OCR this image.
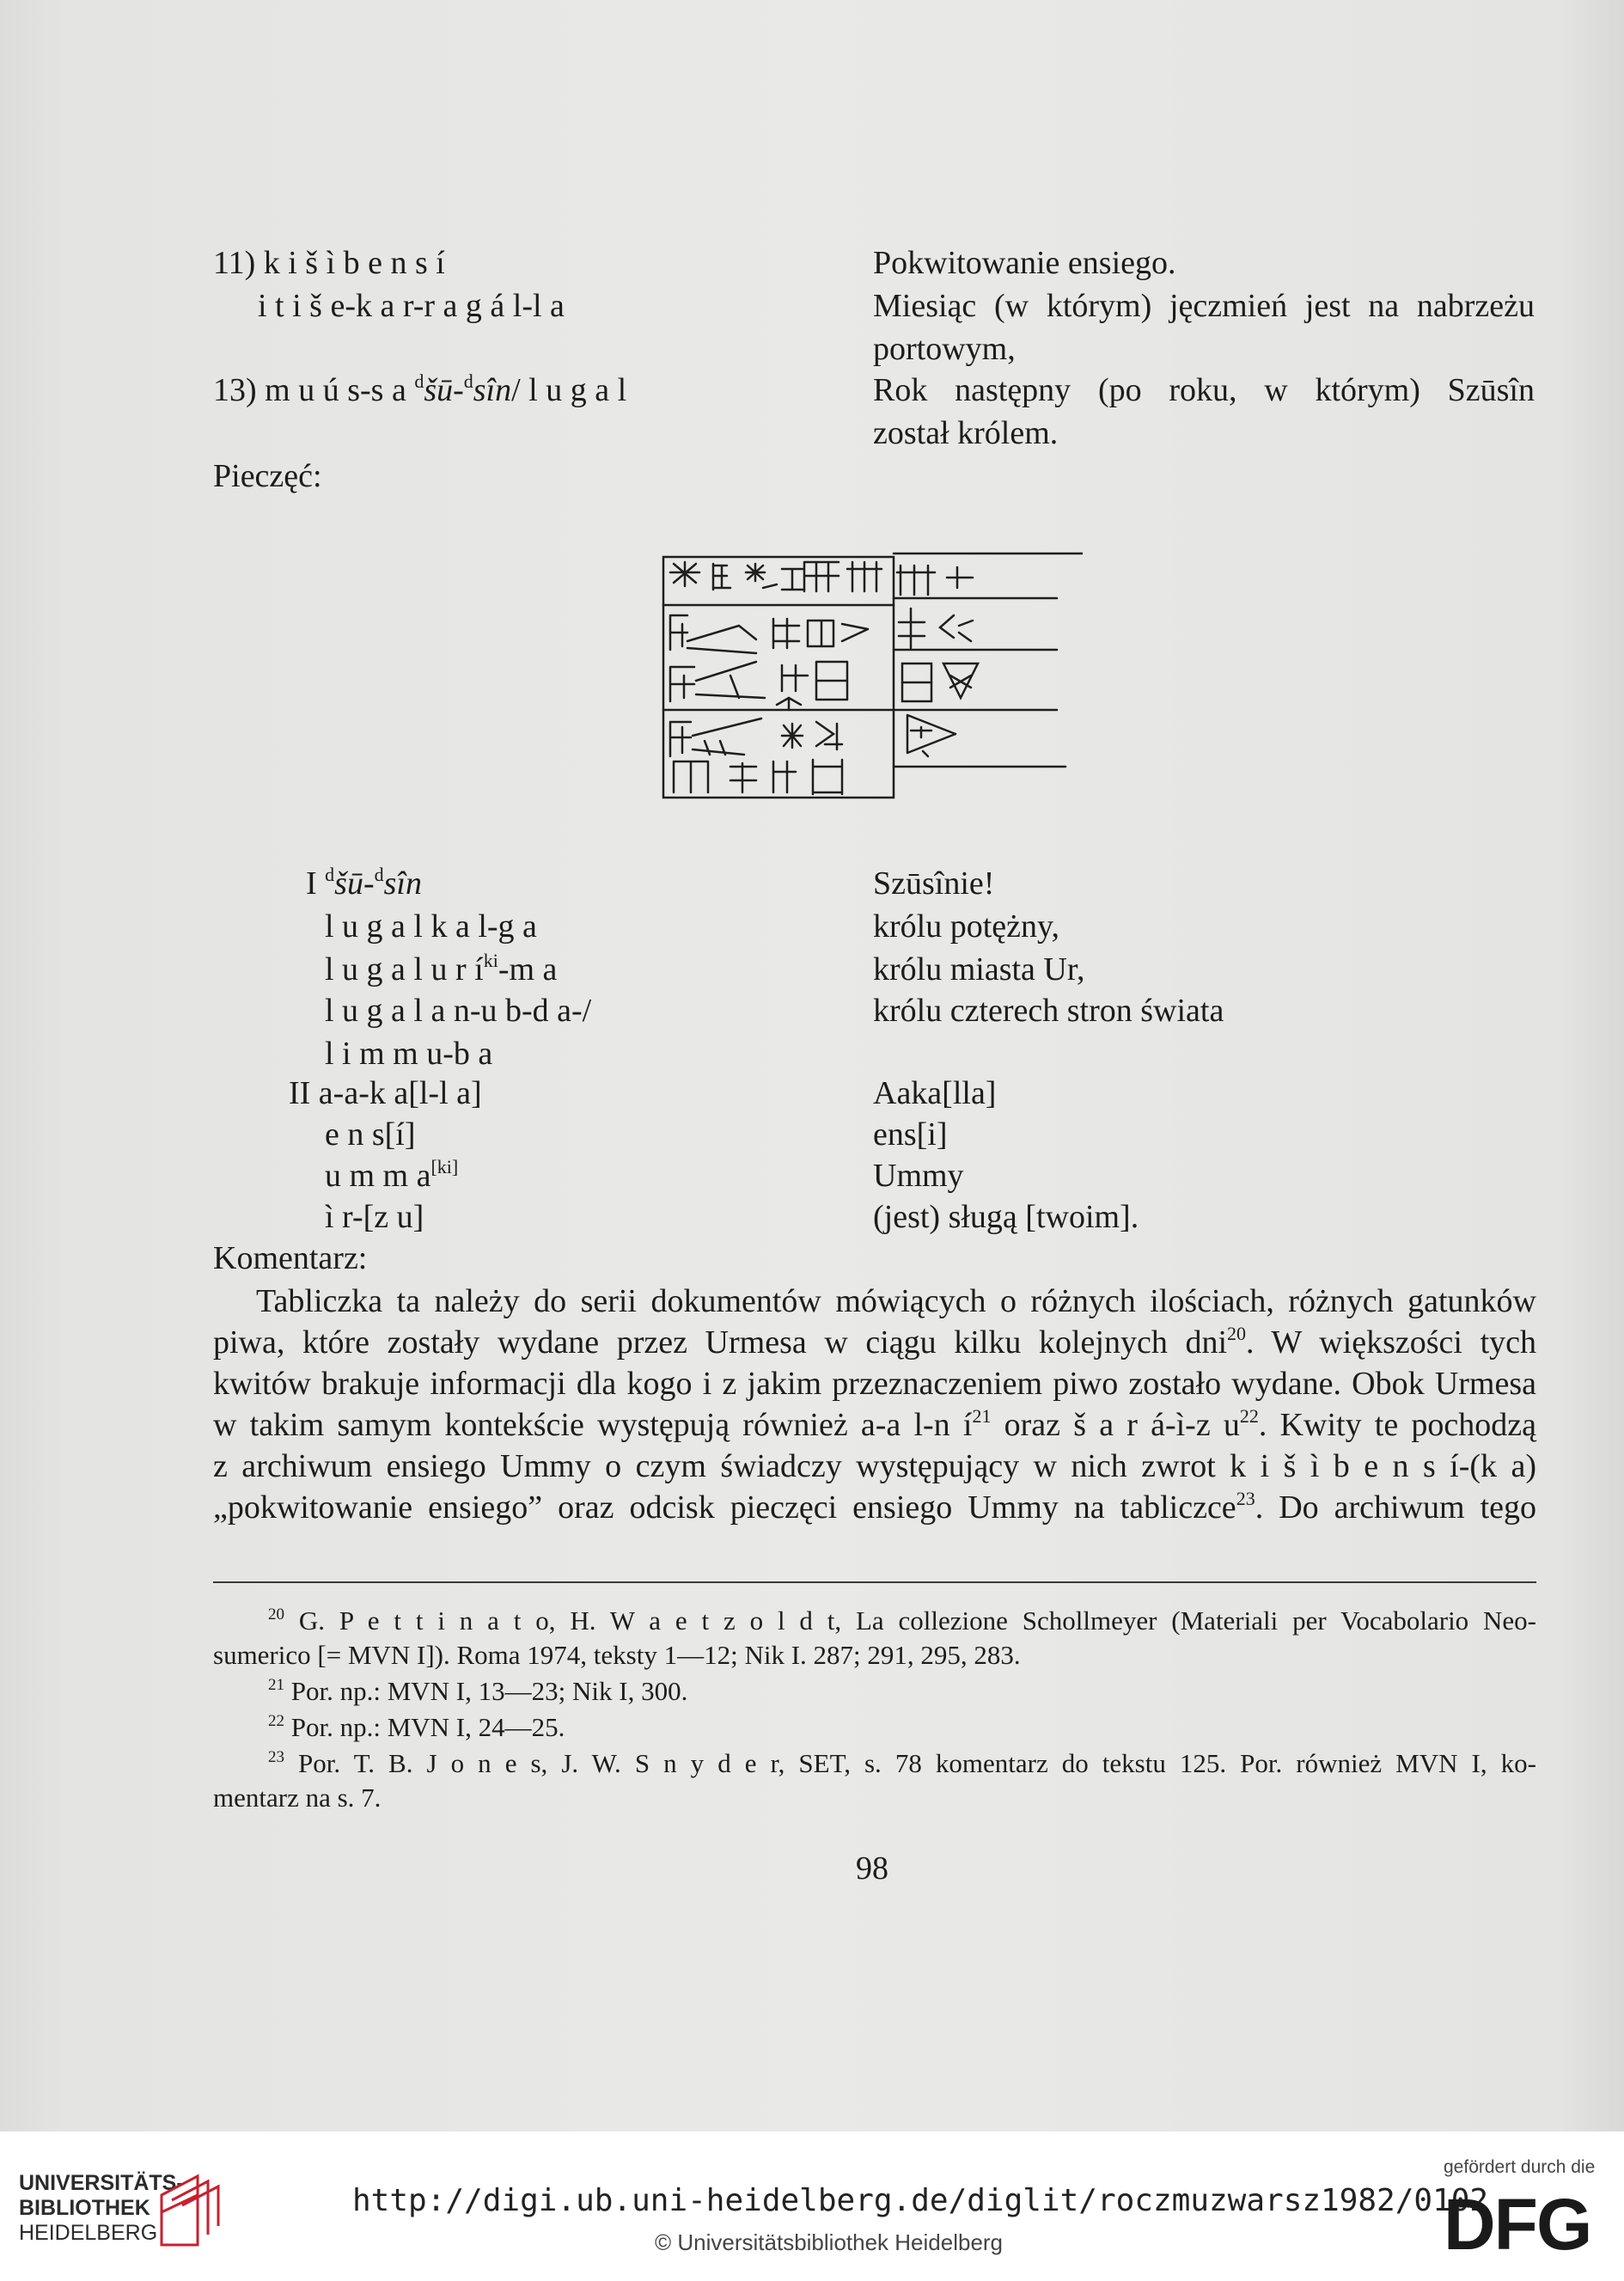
11) k i š ì b e n s í	Pokwitowanie ensiego.
i t i š e-k a r-r a g á l-l a	Miesiąc (w którym) jęczmień jest na nabrzeżu
portowym,
13) m u ú s-s a $^d$šū-$^d$sîn/ l u g a l	Rok następny (po roku, w którym) Szūsîn
został królem.
Pieczęć:
I $^d$šū-$^d$sîn	Szūsînie!
l u g a l k a l-g a	królu potężny,
l u g a l u r $í^{ki}-m$ a	królu miasta Ur,
l u g a l a n-u b-d a-/	królu czterech stron świata
l i m m u-b a
II a-a-k a[l-l a]	Aaka[lla]
e n s[í]	ens[i]
u m m a[ki]	Ummy
ì r-[z u]	(jest) sługą [twoim].
Komentarz:
Tabliczka ta należy do serii dokumentów mówiących o różnych ilościach, różnych gatunków
piwa, które zostały wydane przez Urmesa w ciągu kilku kolejnych dni$^{20}$. W większości tych
kwitów brakuje informacji dla kogo i z jakim przeznaczeniem piwo zostało wydane. Obok Urmesa
w takim samym kontekście występują również a-a l-n $í^{21}$ oraz š a r á-ì-z $u^{22}$. Kwity te pochodzą
z archiwum ensiego Ummy o czym świadczy występujący w nich zwrot k i š ì b e n s í-(k a)
„pokwitowanie ensiego” oraz odcisk pieczęci ensiego Ummy na tabliczce$^{23}$. Do archiwum tego
$^{20}$ G. P e t t i n a t o, H. W a e t z o l d t, La collezione Schollmeyer (Materiali per Vocabolario Neo-
sumerico [= MVN I]). Roma 1974, teksty 1—12; Nik I. 287; 291, 295, 283.
$^{21}$ Por. np.: MVN I, 13—23; Nik I, 300.
$^{22}$ Por. np.: MVN I, 24—25.
$^{23}$ Por. T. B. J o n e s, J. W. S n y d e r, SET, s. 78 komentarz do tekstu 125. Por. również MVN I, ko-
mentarz na s. 7.
98
UNIVERSITÄTS-
BIBLIOTHEK
HEIDELBERG
http://digi.ub.uni-heidelberg.de/diglit/roczmuzwarsz1982/0102
© Universitätsbibliothek Heidelberg
gefördert durch die
DFG
